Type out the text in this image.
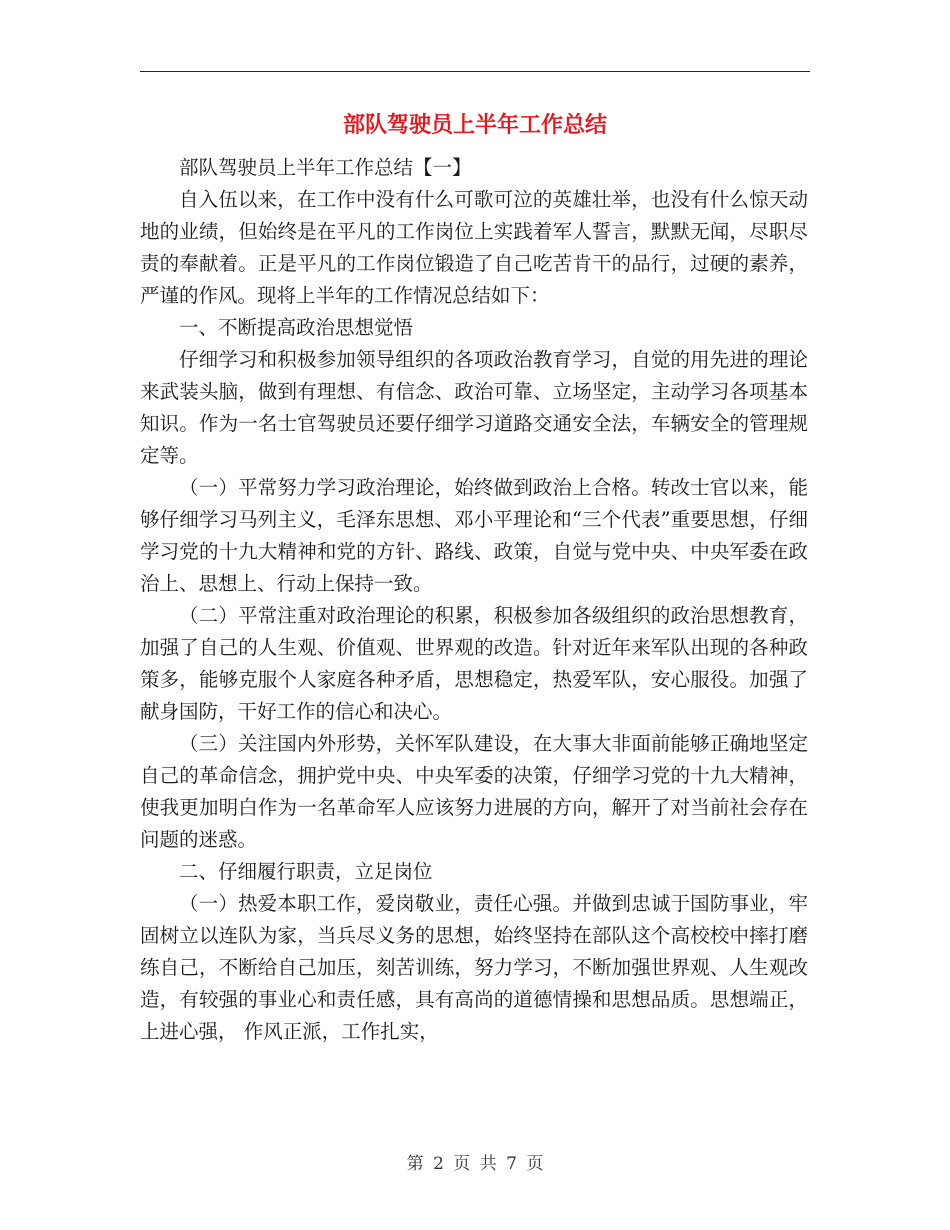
部队驾驶员上半年工作总结

部队驾驶员上半年工作总结【一】

自入伍以来，在工作中没有什么可歌可泣的英雄壮举，也没有什么惊天动地的业绩，但始终是在平凡的工作岗位上实践着军人誓言，默默无闻，尽职尽责的奉献着。正是平凡的工作岗位锻造了自己吃苦肯干的品行，过硬的素养，严谨的作风。现将上半年的工作情况总结如下：

一、不断提高政治思想觉悟

仔细学习和积极参加领导组织的各项政治教育学习，自觉的用先进的理论来武装头脑，做到有理想、有信念、政治可靠、立场坚定，主动学习各项基本知识。作为一名士官驾驶员还要仔细学习道路交通安全法，车辆安全的管理规定等。

（一）平常努力学习政治理论，始终做到政治上合格。转改士官以来，能够仔细学习马列主义，毛泽东思想、邓小平理论和“三个代表”重要思想，仔细学习党的十九大精神和党的方针、路线、政策，自觉与党中央、中央军委在政治上、思想上、行动上保持一致。

（二）平常注重对政治理论的积累，积极参加各级组织的政治思想教育，加强了自己的人生观、价值观、世界观的改造。针对近年来军队出现的各种政策多，能够克服个人家庭各种矛盾，思想稳定，热爱军队，安心服役。加强了献身国防，干好工作的信心和决心。

（三）关注国内外形势，关怀军队建设，在大事大非面前能够正确地坚定自己的革命信念，拥护党中央、中央军委的决策，仔细学习党的十九大精神，使我更加明白作为一名革命军人应该努力进展的方向，解开了对当前社会存在问题的迷惑。

二、仔细履行职责，立足岗位

（一）热爱本职工作，爱岗敬业，责任心强。并做到忠诚于国防事业，牢固树立以连队为家，当兵尽义务的思想，始终坚持在部队这个高校校中摔打磨练自己，不断给自己加压，刻苦训练，努力学习，不断加强世界观、人生观改造，有较强的事业心和责任感，具有高尚的道德情操和思想品质。思想端正，上进心强， 作风正派，工作扎实，

第 2 页 共 7 页
